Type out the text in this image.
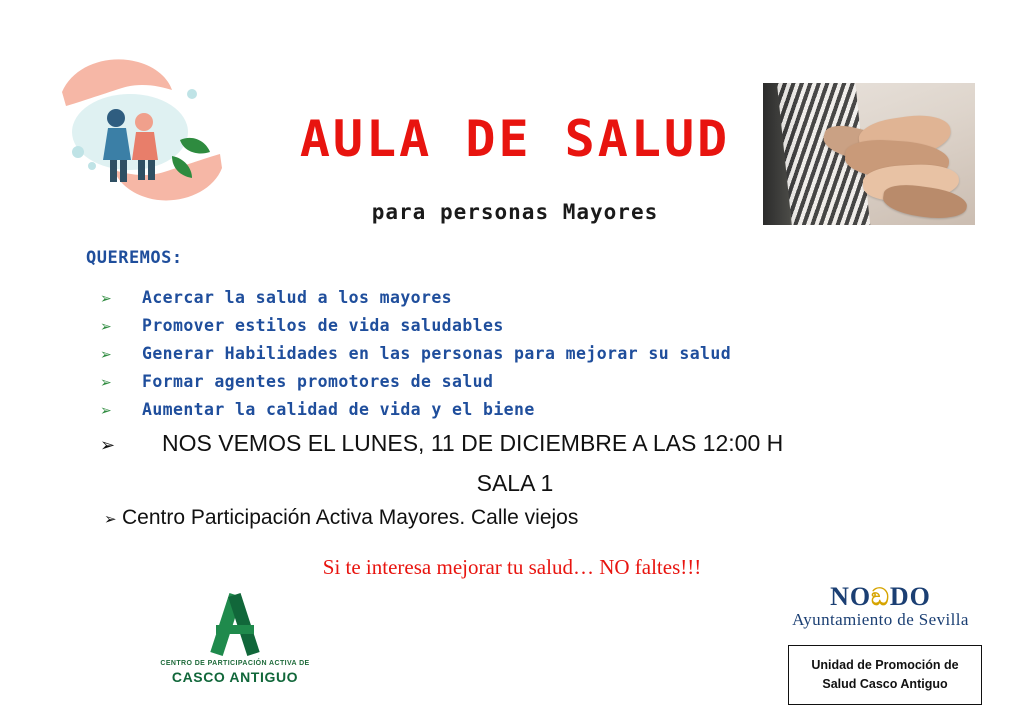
AULA DE SALUD
para personas Mayores
QUEREMOS:
➢	Acercar la salud a los mayores
➢	Promover estilos de vida saludables
➢	Generar Habilidades en las personas para mejorar su salud
➢	Formar agentes promotores de salud
➢	Aumentar la calidad de vida y el biene
➢	NOS VEMOS EL LUNES, 11 DE DICIEMBRE A LAS 12:00 H
SALA 1
➢ Centro Participación Activa Mayores. Calle viejos
Si te interesa mejorar tu salud… NO faltes!!!
CENTRO DE PARTICIPACIÓN ACTIVA DE
CASCO ANTIGUO
NOඞDO
Ayuntamiento de Sevilla
Unidad de Promoción de
Salud Casco Antiguo
